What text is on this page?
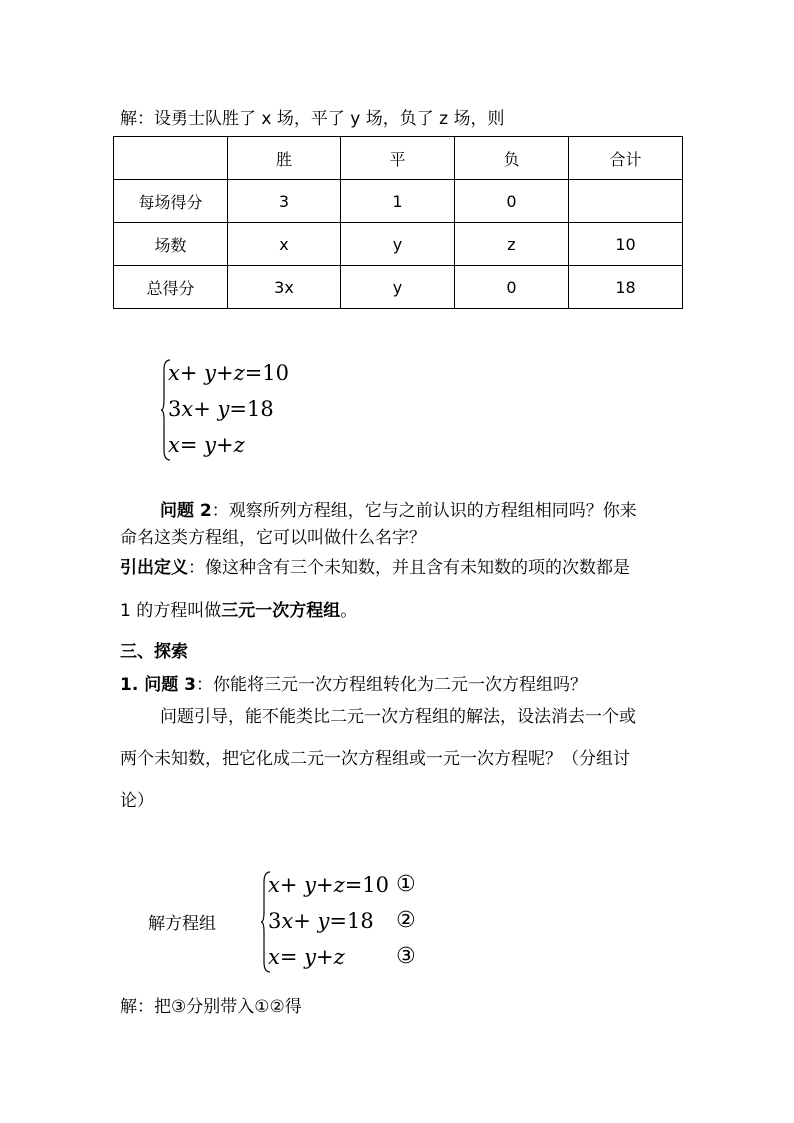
解：设勇士队胜了 x 场，平了 y 场，负了 z 场，则
	胜	平	负	合计
每场得分	3	1	0	
场数	x	y	z	10
总得分	3x	y	0	18
x+ y+z=10
3x+ y=18
x= y+z
问题 2：观察所列方程组，它与之前认识的方程组相同吗？你来
命名这类方程组，它可以叫做什么名字？
引出定义：像这种含有三个未知数，并且含有未知数的项的次数都是
1 的方程叫做三元一次方程组。
三、探索
1. 问题 3：你能将三元一次方程组转化为二元一次方程组吗？
问题引导，能不能类比二元一次方程组的解法，设法消去一个或
两个未知数，把它化成二元一次方程组或一元一次方程呢？（分组讨
论）
解方程组
x+ y+z=10
3x+ y=18
x= y+z
①
②
③
解：把③分别带入①②得
